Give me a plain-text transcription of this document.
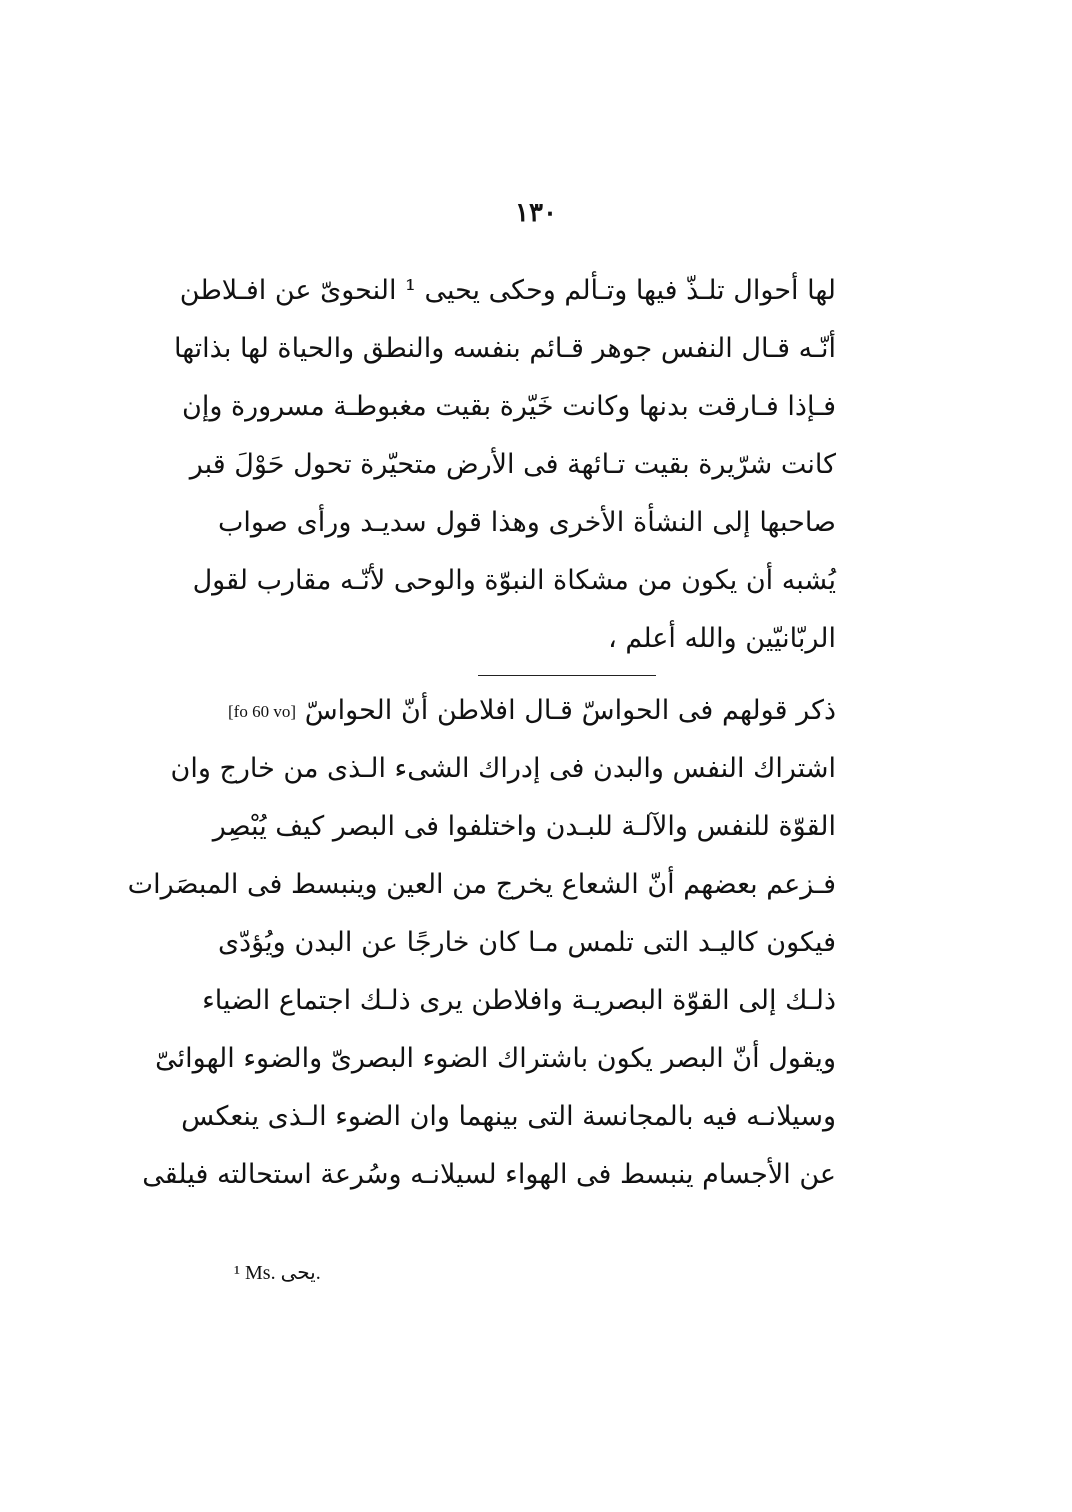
١٣٠
لها أحوال تلـذّ فيها وتـألم وحكى يحيى ¹ النحوىّ عن افـلاطن
أنّـه قـال النفس جوهر قـائم بنفسه والنطق والحياة لها بذاتها
فـإذا فـارقت بدنها وكانت خَيّرة بقيت مغبوطـة مسرورة وإن
كانت شرّيرة بقيت تـائهة فى الأرض متحيّرة تحول حَوْلَ قبر
صاحبها إلى النشأة الأخرى وهذا قول سديـد ورأى صواب
يُشبه أن يكون من مشكاة النبوّة والوحى لأنّـه مقارب لقول
الربّانيّين والله أعلم ،
ذكر قولهم فى الحواسّ قـال افلاطن أنّ الحواسّ [fo 60 vo]
اشتراك النفس والبدن فى إدراك الشىء الـذى من خارج وان
القوّة للنفس والآلـة للبـدن واختلفوا فى البصر كيف يُبْصِر
فـزعم بعضهم أنّ الشعاع يخرج من العين وينبسط فى المبصَرات
فيكون كاليـد التى تلمس مـا كان خارجًا عن البدن ويُؤدّى
ذلـك إلى القوّة البصريـة وافلاطن يرى ذلـك اجتماع الضياء
ويقول أنّ البصر يكون باشتراك الضوء البصرىّ والضوء الهوائىّ
وسيلانـه فيه بالمجانسة التى بينهما وان الضوء الـذى ينعكس
عن الأجسام ينبسط فى الهواء لسيلانـه وسُرعة استحالته فيلقى
¹ Ms. يحى.
